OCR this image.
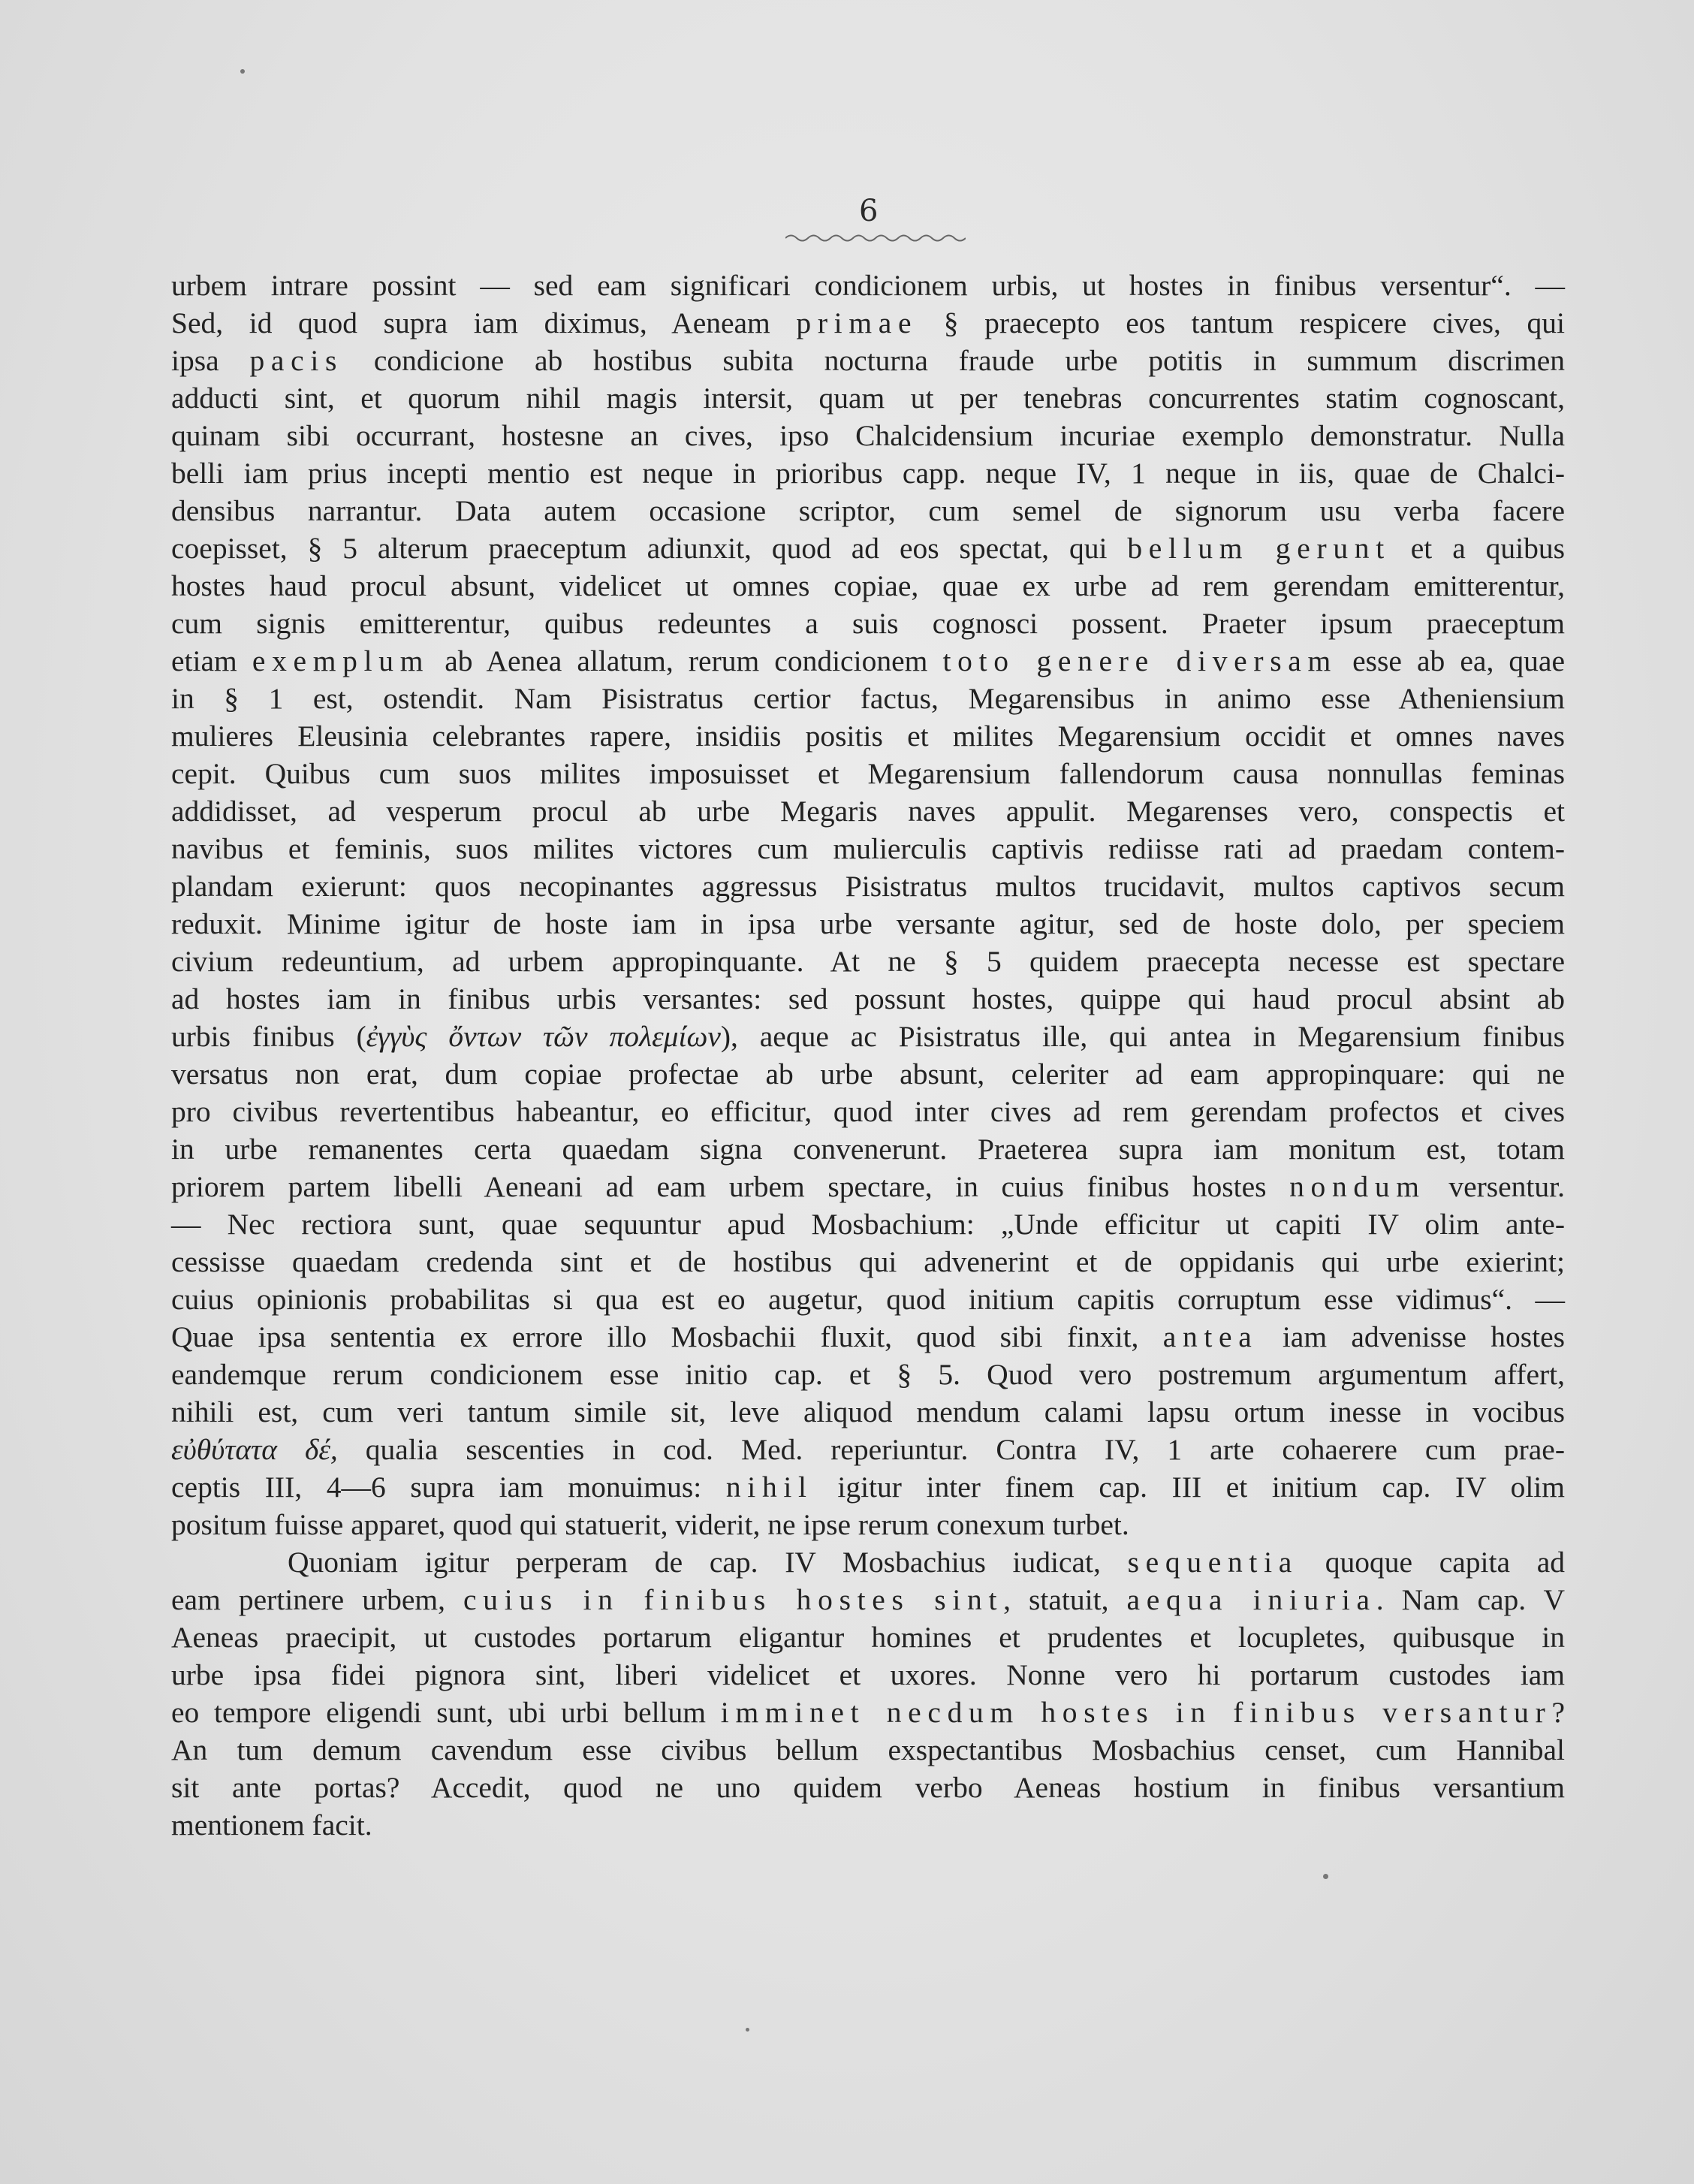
6
urbem intrare possint — sed eam significari condicionem urbis, ut hostes in finibus versentur“. —
Sed, id quod supra iam diximus, Aeneam primae § praecepto eos tantum respicere cives, qui
ipsa pacis condicione ab hostibus subita nocturna fraude urbe potitis in summum discrimen
adducti sint, et quorum nihil magis intersit, quam ut per tenebras concurrentes statim cognoscant,
quinam sibi occurrant, hostesne an cives, ipso Chalcidensium incuriae exemplo demonstratur. Nulla
belli iam prius incepti mentio est neque in prioribus capp. neque IV, 1 neque in iis, quae de Chalci-
densibus narrantur. Data autem occasione scriptor, cum semel de signorum usu verba facere
coepisset, § 5 alterum praeceptum adiunxit, quod ad eos spectat, qui bellum gerunt et a quibus
hostes haud procul absunt, videlicet ut omnes copiae, quae ex urbe ad rem gerendam emitterentur,
cum signis emitterentur, quibus redeuntes a suis cognosci possent. Praeter ipsum praeceptum
etiam exemplum ab Aenea allatum, rerum condicionem toto genere diversam esse ab ea, quae
in § 1 est, ostendit. Nam Pisistratus certior factus, Megarensibus in animo esse Atheniensium
mulieres Eleusinia celebrantes rapere, insidiis positis et milites Megarensium occidit et omnes naves
cepit. Quibus cum suos milites imposuisset et Megarensium fallendorum causa nonnullas feminas
addidisset, ad vesperum procul ab urbe Megaris naves appulit. Megarenses vero, conspectis et
navibus et feminis, suos milites victores cum mulierculis captivis rediisse rati ad praedam contem-
plandam exierunt: quos necopinantes aggressus Pisistratus multos trucidavit, multos captivos secum
reduxit. Minime igitur de hoste iam in ipsa urbe versante agitur, sed de hoste dolo, per speciem
civium redeuntium, ad urbem appropinquante. At ne § 5 quidem praecepta necesse est spectare
ad hostes iam in finibus urbis versantes: sed possunt hostes, quippe qui haud procul absint ab
urbis finibus (ἐγγὺς ὄντων τῶν πολεμίων), aeque ac Pisistratus ille, qui antea in Megarensium finibus
versatus non erat, dum copiae profectae ab urbe absunt, celeriter ad eam appropinquare: qui ne
pro civibus revertentibus habeantur, eo efficitur, quod inter cives ad rem gerendam profectos et cives
in urbe remanentes certa quaedam signa convenerunt. Praeterea supra iam monitum est, totam
priorem partem libelli Aeneani ad eam urbem spectare, in cuius finibus hostes nondum versentur.
— Nec rectiora sunt, quae sequuntur apud Mosbachium: „Unde efficitur ut capiti IV olim ante-
cessisse quaedam credenda sint et de hostibus qui advenerint et de oppidanis qui urbe exierint;
cuius opinionis probabilitas si qua est eo augetur, quod initium capitis corruptum esse vidimus“. —
Quae ipsa sententia ex errore illo Mosbachii fluxit, quod sibi finxit, antea iam advenisse hostes
eandemque rerum condicionem esse initio cap. et § 5. Quod vero postremum argumentum affert,
nihili est, cum veri tantum simile sit, leve aliquod mendum calami lapsu ortum inesse in vocibus
εὐθύτατα δέ, qualia sescenties in cod. Med. reperiuntur. Contra IV, 1 arte cohaerere cum prae-
ceptis III, 4—6 supra iam monuimus: nihil igitur inter finem cap. III et initium cap. IV olim
positum fuisse apparet, quod qui statuerit, viderit, ne ipse rerum conexum turbet.
Quoniam igitur perperam de cap. IV Mosbachius iudicat, sequentia quoque capita ad
eam pertinere urbem, cuius in finibus hostes sint, statuit, aequa iniuria. Nam cap. V
Aeneas praecipit, ut custodes portarum eligantur homines et prudentes et locupletes, quibusque in
urbe ipsa fidei pignora sint, liberi videlicet et uxores. Nonne vero hi portarum custodes iam
eo tempore eligendi sunt, ubi urbi bellum imminet necdum hostes in finibus versantur?
An tum demum cavendum esse civibus bellum exspectantibus Mosbachius censet, cum Hannibal
sit ante portas? Accedit, quod ne uno quidem verbo Aeneas hostium in finibus versantium
mentionem facit.
